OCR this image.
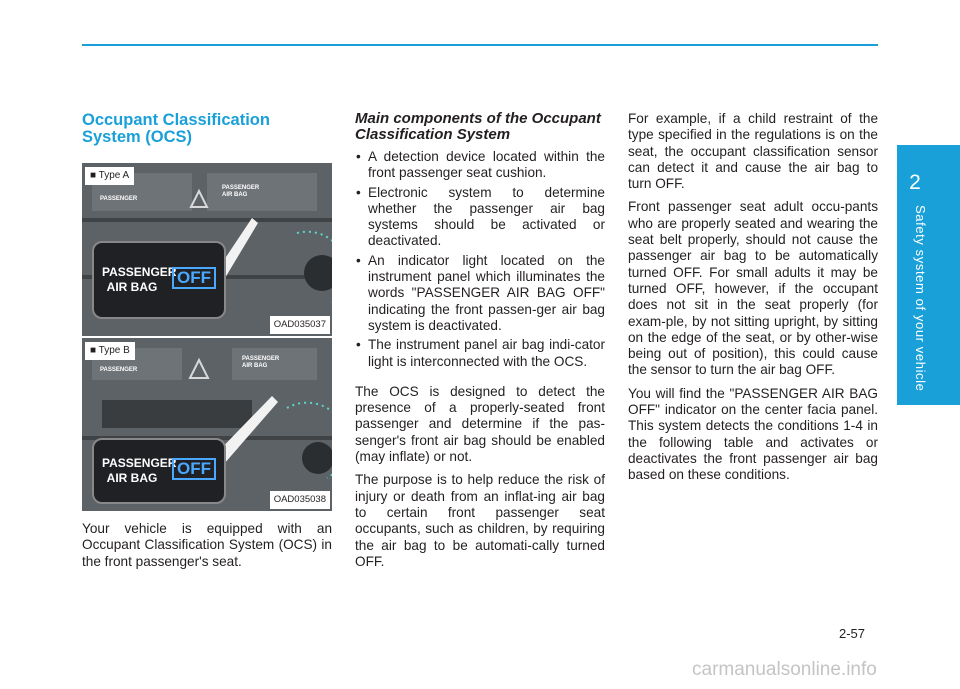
2
Safety system of your vehicle
Occupant Classification System (OCS)
PASSENGER
PASSENGER AIR BAG
■ Type A
PASSENGER AIR BAG OFF
OAD035037
PASSENGER
PASSENGER AIR BAG
■ Type B
PASSENGER AIR BAG OFF
OAD035038

Your vehicle is equipped with an Occupant Classification System (OCS) in the front passenger's seat.

Main components of the Occupant Classification System
• A detection device located within the front passenger seat cushion.
• Electronic system to determine whether the passenger air bag systems should be activated or deactivated.
• An indicator light located on the instrument panel which illuminates the words "PASSENGER AIR BAG OFF" indicating the front passen-ger air bag system is deactivated.
• The instrument panel air bag indi-cator light is interconnected with the OCS.

The OCS is designed to detect the presence of a properly-seated front passenger and determine if the pas-senger's front air bag should be enabled (may inflate) or not.

The purpose is to help reduce the risk of injury or death from an inflat-ing air bag to certain front passenger seat occupants, such as children, by requiring the air bag to be automati-cally turned OFF.

For example, if a child restraint of the type specified in the regulations is on the seat, the occupant classification sensor can detect it and cause the air bag to turn OFF.

Front passenger seat adult occu-pants who are properly seated and wearing the seat belt properly, should not cause the passenger air bag to be automatically turned OFF. For small adults it may be turned OFF, however, if the occupant does not sit in the seat properly (for exam-ple, by not sitting upright, by sitting on the edge of the seat, or by other-wise being out of position), this could cause the sensor to turn the air bag OFF.

You will find the "PASSENGER AIR BAG OFF" indicator on the center facia panel. This system detects the conditions 1-4 in the following table and activates or deactivates the front passenger air bag based on these conditions.

2-57
carmanualsonline.info
